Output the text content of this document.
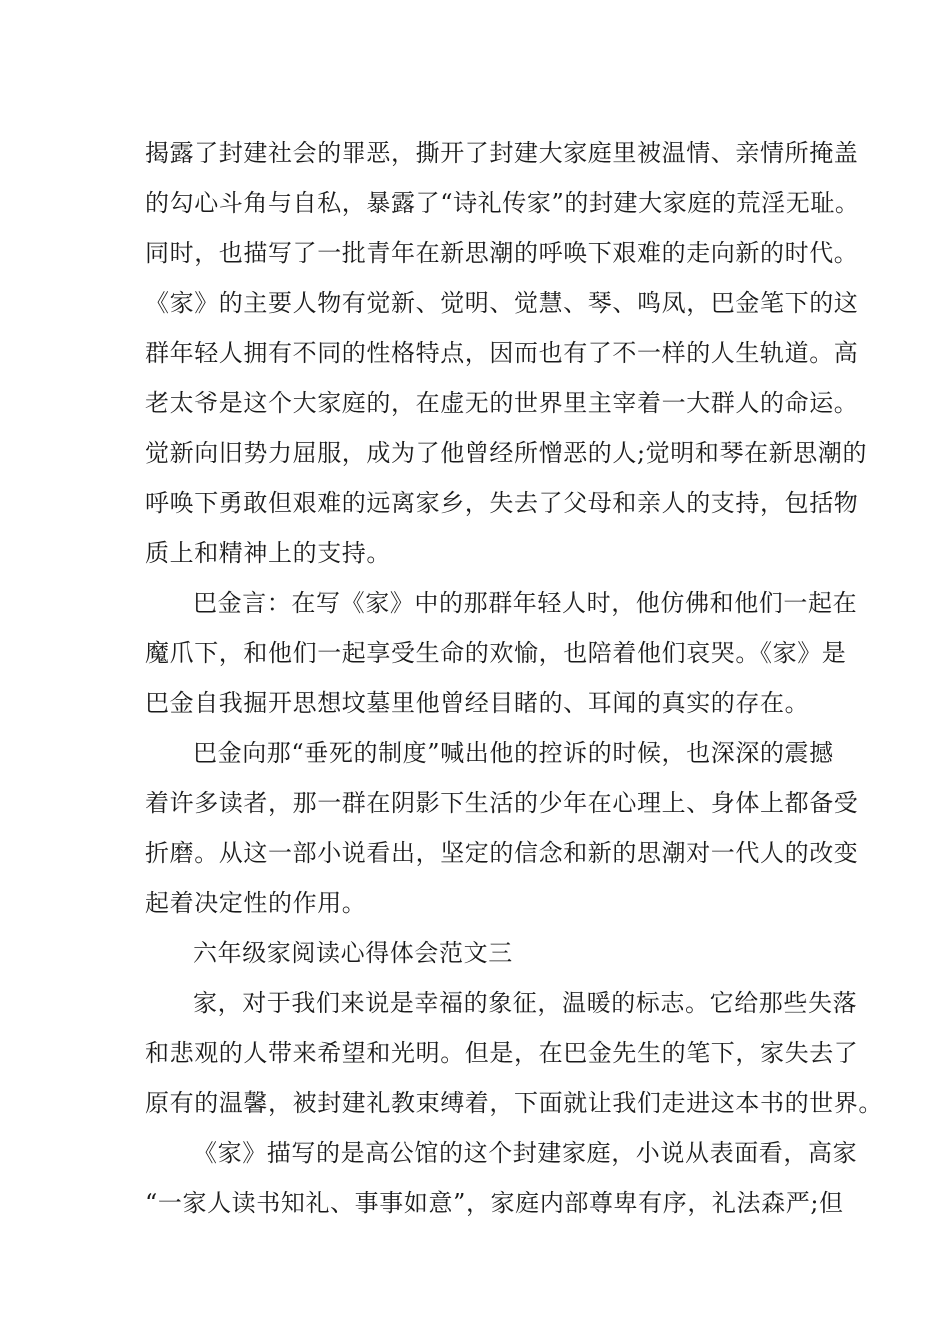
揭露了封建社会的罪恶，撕开了封建大家庭里被温情、亲情所掩盖
的勾心斗角与自私，暴露了“诗礼传家”的封建大家庭的荒淫无耻。
同时，也描写了一批青年在新思潮的呼唤下艰难的走向新的时代。
《家》的主要人物有觉新、觉明、觉慧、琴、鸣凤，巴金笔下的这
群年轻人拥有不同的性格特点，因而也有了不一样的人生轨道。高
老太爷是这个大家庭的，在虚无的世界里主宰着一大群人的命运。
觉新向旧势力屈服，成为了他曾经所憎恶的人;觉明和琴在新思潮的
呼唤下勇敢但艰难的远离家乡，失去了父母和亲人的支持，包括物
质上和精神上的支持。
巴金言：在写《家》中的那群年轻人时，他仿佛和他们一起在
魔爪下，和他们一起享受生命的欢愉，也陪着他们哀哭。《家》是
巴金自我掘开思想坟墓里他曾经目睹的、耳闻的真实的存在。
巴金向那“垂死的制度”喊出他的控诉的时候，也深深的震撼
着许多读者，那一群在阴影下生活的少年在心理上、身体上都备受
折磨。从这一部小说看出，坚定的信念和新的思潮对一代人的改变
起着决定性的作用。
六年级家阅读心得体会范文三
家，对于我们来说是幸福的象征，温暖的标志。它给那些失落
和悲观的人带来希望和光明。但是，在巴金先生的笔下，家失去了
原有的温馨，被封建礼教束缚着，下面就让我们走进这本书的世界。
《家》描写的是高公馆的这个封建家庭，小说从表面看，高家
“一家人读书知礼、事事如意”，家庭内部尊卑有序，礼法森严;但
